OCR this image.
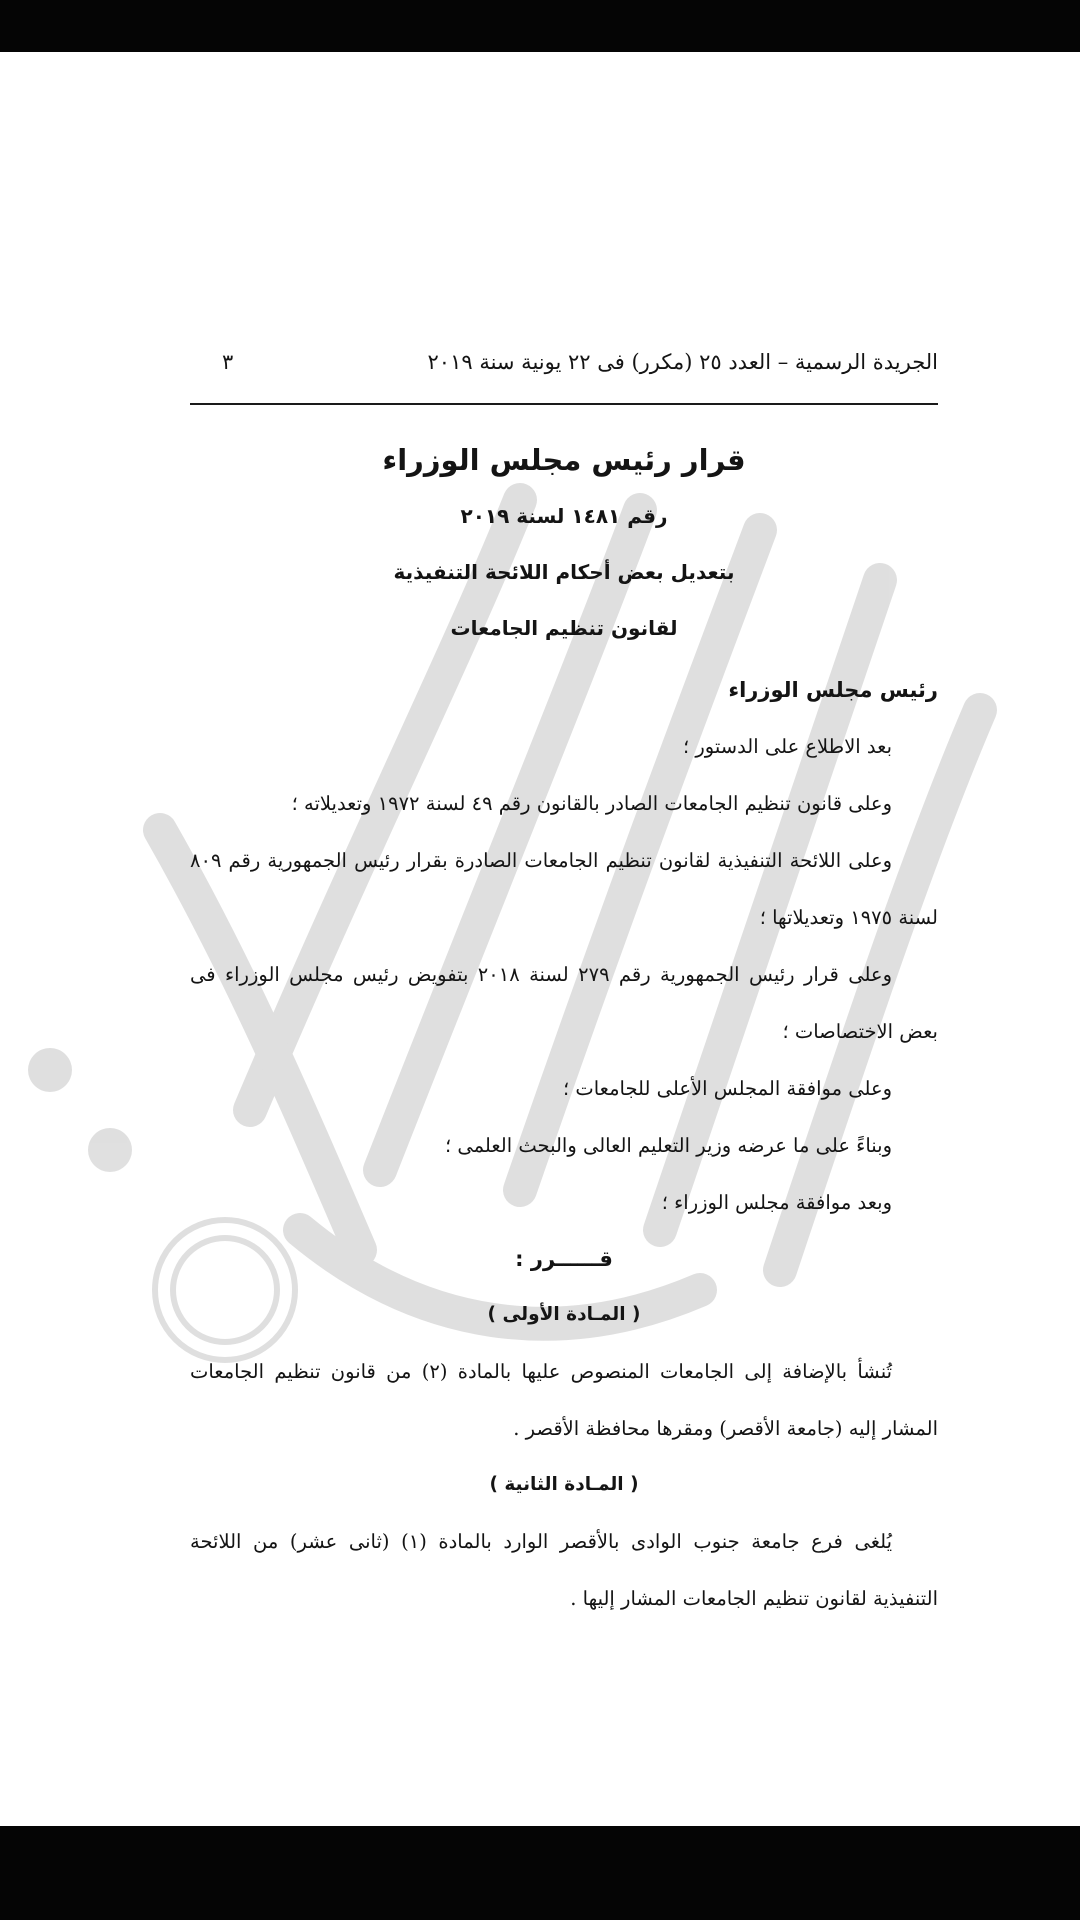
الجريدة الرسمية – العدد ٢٥ (مكرر) فى ٢٢ يونية سنة ٢٠١٩
٣
قرار رئيس مجلس الوزراء
رقم ١٤٨١ لسنة ٢٠١٩
بتعديل بعض أحكام اللائحة التنفيذية
لقانون تنظيم الجامعات
رئيس مجلس الوزراء
بعد الاطلاع على الدستور ؛
وعلى قانون تنظيم الجامعات الصادر بالقانون رقم ٤٩ لسنة ١٩٧٢ وتعديلاته ؛
وعلى اللائحة التنفيذية لقانون تنظيم الجامعات الصادرة بقرار رئيس الجمهورية رقم ٨٠٩ لسنة ١٩٧٥ وتعديلاتها ؛
وعلى قرار رئيس الجمهورية رقم ٢٧٩ لسنة ٢٠١٨ بتفويض رئيس مجلس الوزراء فى بعض الاختصاصات ؛
وعلى موافقة المجلس الأعلى للجامعات ؛
وبناءً على ما عرضه وزير التعليم العالى والبحث العلمى ؛
وبعد موافقة مجلس الوزراء ؛
قــــــرر :
( المـادة الأولى )
تُنشأ بالإضافة إلى الجامعات المنصوص عليها بالمادة (٢) من قانون تنظيم الجامعات المشار إليه (جامعة الأقصر) ومقرها محافظة الأقصر .
( المـادة الثانية )
يُلغى فرع جامعة جنوب الوادى بالأقصر الوارد بالمادة (١) (ثانى عشر) من اللائحة التنفيذية لقانون تنظيم الجامعات المشار إليها .
